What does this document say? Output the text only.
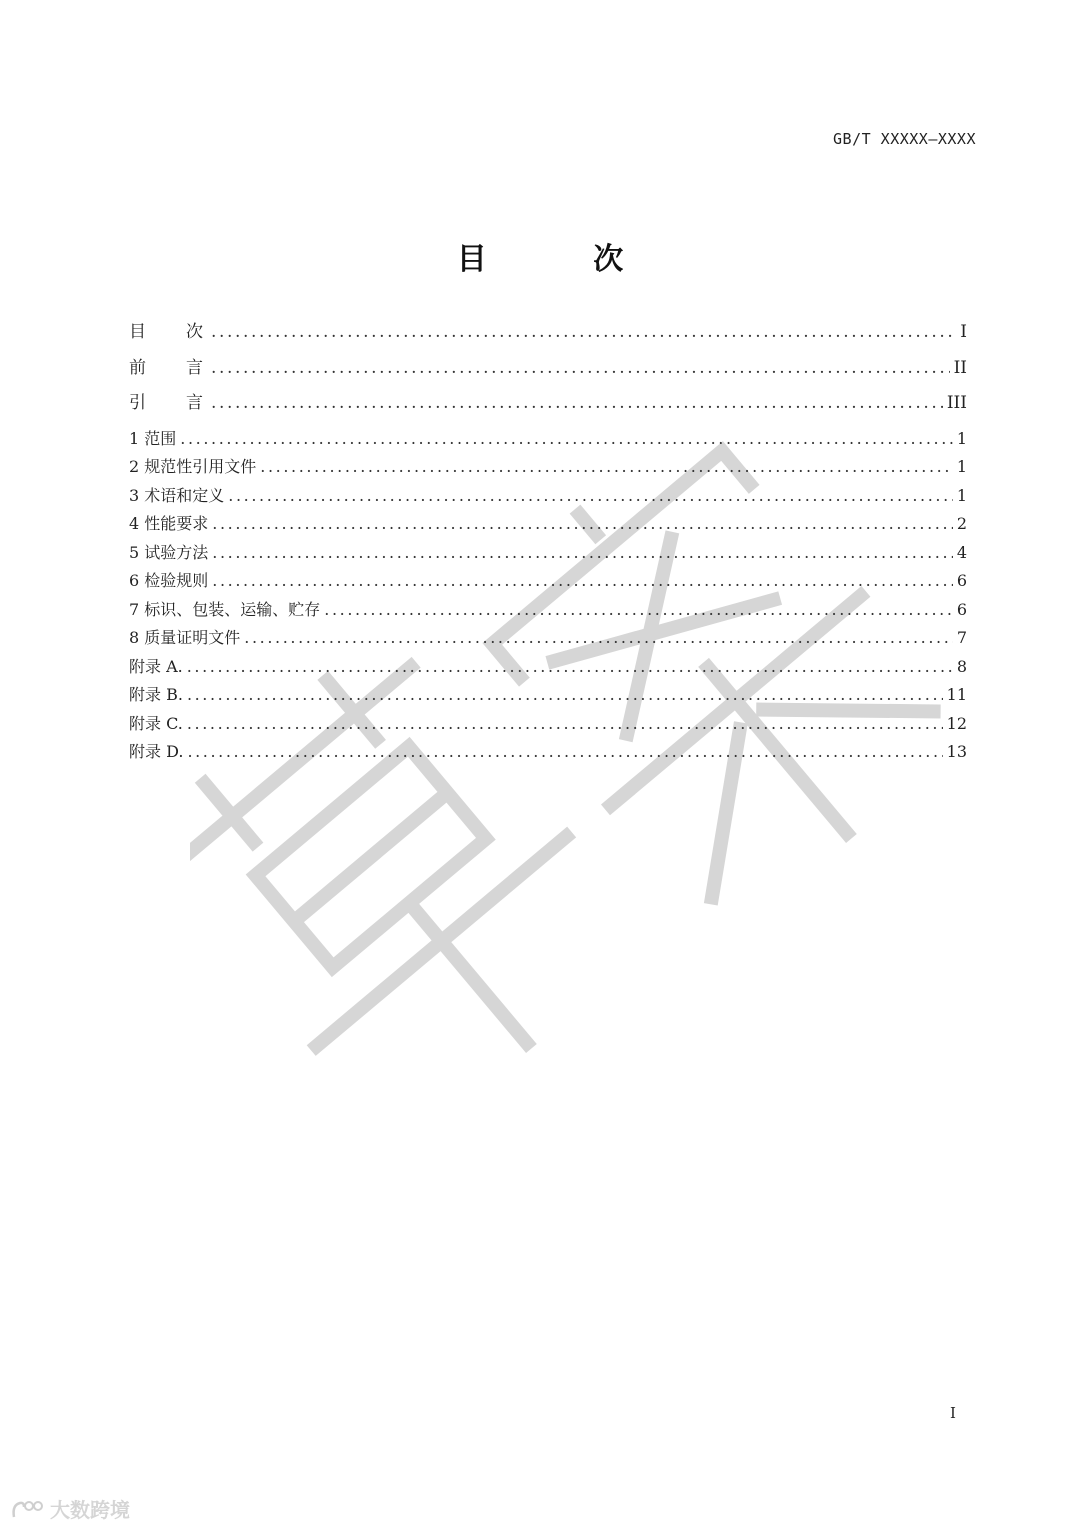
GB/T XXXXX—XXXX
目 次
目次 .....	I
前言 .....	II
引言 .....	III
1 范围 .....	1
2 规范性引用文件 .....	1
3 术语和定义 .....	1
4 性能要求 .....	2
5 试验方法 .....	4
6 检验规则 .....	6
7 标识、包装、运输、贮存 .....	6
8 质量证明文件 .....	7
附录 A. .....	8
附录 B. .....	11
附录 C. .....	12
附录 D. .....	13
I
大数跨境
